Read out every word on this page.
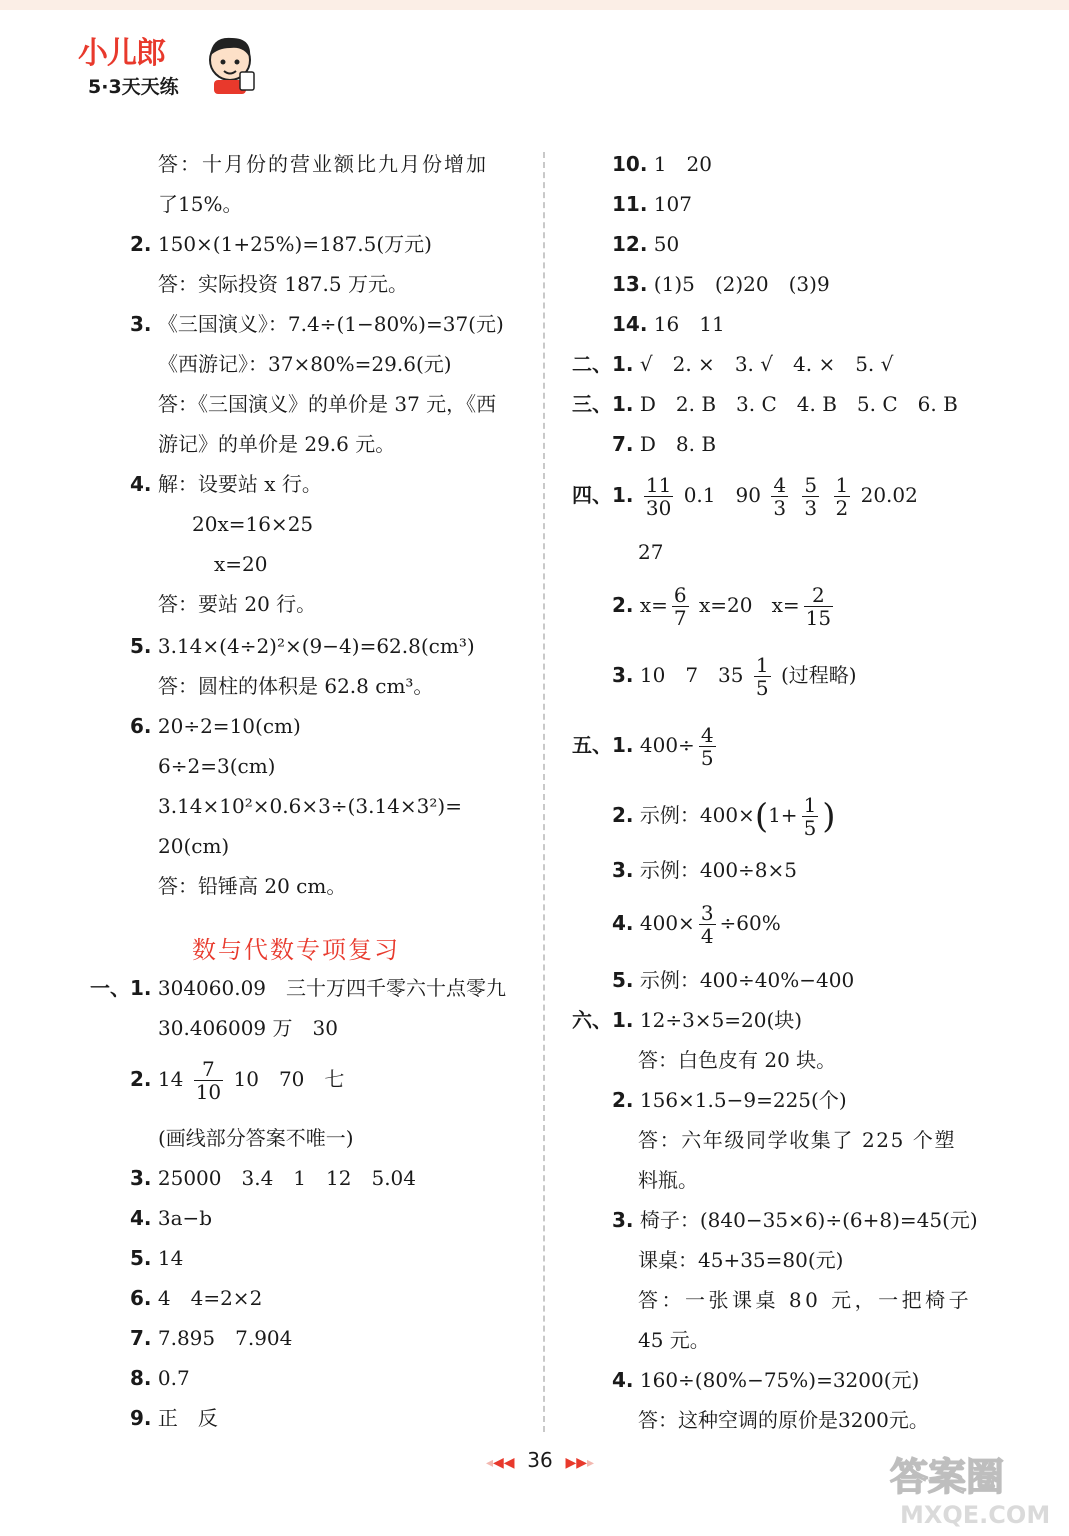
小儿郎
5·3天天练
答：十月份的营业额比九月份增加
了15%。
2. 150×(1+25%)=187.5(万元)
答：实际投资 187.5 万元。
3. 《三国演义》：7.4÷(1−80%)=37(元)
《西游记》：37×80%=29.6(元)
答：《三国演义》的单价是 37 元，《西
游记》的单价是 29.6 元。
4. 解：设要站 x 行。
20x=16×25
x=20
答：要站 20 行。
5. 3.14×(4÷2)²×(9−4)=62.8(cm³)
答：圆柱的体积是 62.8 cm³。
6. 20÷2=10(cm)
6÷2=3(cm)
3.14×10²×0.6×3÷(3.14×3²)=
20(cm)
答：铅锤高 20 cm。
数与代数专项复习
一、1. 304060.09　三十万四千零六十点零九
30.406009 万　30
2. $14 \frac{7}{10} 10$　70　七
(画线部分答案不唯一)
3. 25000　3.4　1　12　5.04
4. 3a−b
5. 14
6. 4　4=2×2
7. 7.895　7.904
8. 0.7
9. 正　反
10. 1　20
11. 107
12. 50
13. (1)5　(2)20　(3)9
14. 16　11
二、1. √　2. ×　3. √　4. ×　5. √
三、1. D　2. B　3. C　4. B　5. C　6. B
7. D　8. B
四、1. $\frac{11}{30} 0.1$　$90 \frac{4}{3}$
$\frac{5}{3}$
$\frac{1}{2} 20.02$
27
2. $x= \frac{6}{7} x=20$ $x= \frac{2}{15}$
3. 10　7　$35 \frac{1}{5}$ (过程略)
五、1. $400\div \frac{4}{5}$
2. 示例：$400\times(1+ \frac{1}{5}$ )
3. 示例：400÷8×5
4. $400\times \frac{3}{4} \div 60\%$
5. 示例：400÷40%−400
六、1. 12÷3×5=20(块)
答：白色皮有 20 块。
2. 156×1.5−9=225(个)
答：六年级同学收集了 225 个塑
料瓶。
3. 椅子：(840−35×6)÷(6+8)=45(元)
课桌：45+35=80(元)
答：一张课桌 80 元，一把椅子
45 元。
4. 160÷(80%−75%)=3200(元)
答：这种空调的原价是3200元。
◂◀◀ 36 ▶▶▸	答案圈
MXQE.COM
